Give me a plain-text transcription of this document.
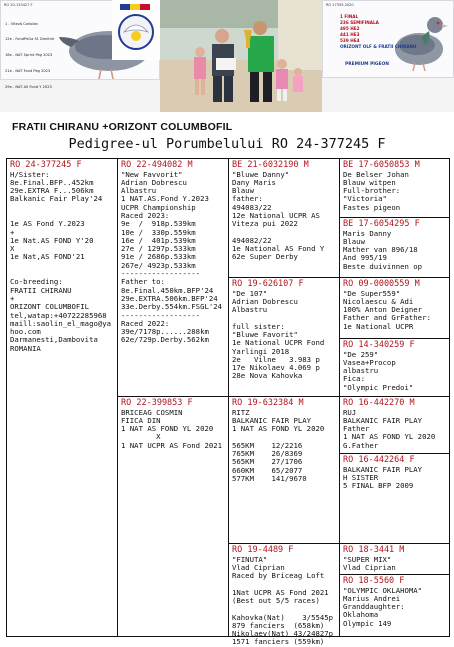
RO 20-133427 F

1 - Vitezã Coriolan

12e - FondPeGa Sf. Dimitrie

16e - NAT Sprint Peg 2023

21e - NAT Fond Peg 2023

29e - NAT AS Fond Y 2023

RO 17355-2020
1 FINAL
236 SEMIFINALA
495 HE2
441 HE3
539 HE4
ORIZONT OLF & FRATII CHIRANU
PREMIUM PIGEON
FRATII CHIRANU +ORIZONT COLUMBOFIL
Pedigree-ul Porumbelului RO 24-377245 F
RO 24-377245 F
H/Sister:
8e.Final.BFP..452km
29e.EXTRA F...506km
Balkanic Fair Play'24

1e AS Fond Y.2023
+
1e Nat.AS FOND Y'20
X
1e Nat,AS FOND'21

Co-breeding:
FRATII CHIRANU
+
ORIZONT COLUMBOFIL
tel,watap:+40722285968
maill:saolin_el_mago@ya
hoo.com
Darmanesti,Dambovita
ROMANIA
RO 22-494082 M
"New Favvorit"
Adrian Dobrescu
Albastru
1 NAT.AS.Fond Y.2023
UCPR Championship
Raced 2023:
9e  /  918p.539km
10e /  330p.559km
16e /  401p.539km
27e / 1297p.533km
91e / 2686p.533km
267e/ 4923p.533km
------------------
Father to:
8e.Final.450km.BFP'24
29e.EXTRA.506km.BFP'24
33e.Derby.554km.FSGL'24
------------------
Raced 2022:
39e/7178p......288km
62e/729p.Derby.562km
RO 22-399853 F
BRICEAG COSMIN
FIICA DIN
1 NAT AS FOND YL 2020
X
1 NAT UCPR AS Fond 2021
BE 21-6032190 M
"Bluwe Danny"
Dany Maris
Blauw
father:
494083/22
12e National UCPR AS
Viteza pui 2022

494082/22
1e National AS Fond Y
62e Super Derby
RO 19-626107 F
"De 107"
Adrian Dobrescu
Albastru

full sister:
"Bluwe Favorit"
1e National UCPR Fond
Yarlingi 2018
2e   Vilne   3.983 p
17e Nikolaev 4.069 p
28e Nova Kahovka
RO 19-632384 M
RITZ
BALKANIC FAIR PLAY
1 NAT AS FOND YL 2020

565KM    12/2216
765KM    26/8369
565KM    27/1706
660KM    65/2077
577KM    141/9670
RO 19-4489 F
"FINUTA"
Vlad Ciprian
Raced by Briceag Loft

1Nat UCPR AS Fond 2021
(Best out 5/5 races)

Kahovka(Nat)    3/5545p
879 fanciers  (658km)
Nikolaev(Nat) 43/24827p
1571 fanciers (559km)
BE 17-6050853 M
De Belser Johan
Blauw witpen
Full-brother:
"Victoria"
Fastes pigeon
BE 17-6054295 F
Maris Danny
Blauw
Mather van 896/18
And 995/19
Beste duivinnen op
RO 09-0000559 M
"De Super559"
Nicolaescu & Adi
100% Anton Deigner
Father and GrFather:
1e National UCPR
RO 14-340259 F
"De 259"
Vasea+Procop
albastru
Fica:
"Olympic Predoi"
RO 16-442270 M
RUJ
BALKANIC FAIR PLAY
Father
1 NAT AS FOND YL 2020
G.Father
RO 16-442264 F
BALKANIC FAIR PLAY
H SISTER
5 FINAL BFP 2009
RO 18-3441 M
"SUPER MIX"
Vlad Ciprian
RO 18-5560 F
"OLYMPIC OKLAHOMA"
Marius Andrei
Granddaughter:
Oklahoma
Olympic 149
